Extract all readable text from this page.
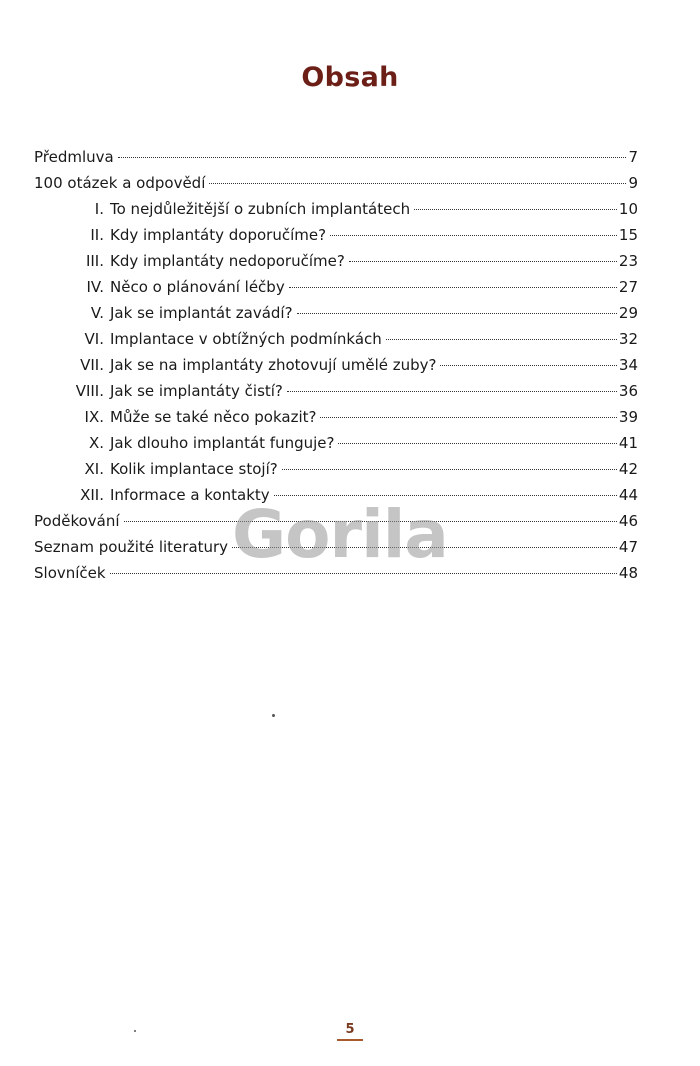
Obsah
Předmluva	7
100 otázek a odpovědí	9
I. To nejdůležitější o zubních implantátech	10
II. Kdy implantáty doporučíme?	15
III. Kdy implantáty nedoporučíme?	23
IV. Něco o plánování léčby	27
V. Jak se implantát zavádí?	29
VI. Implantace v obtížných podmínkách	32
VII. Jak se na implantáty zhotovují umělé zuby?	34
VIII. Jak se implantáty čistí?	36
IX. Může se také něco pokazit?	39
X. Jak dlouho implantát funguje?	41
XI. Kolik implantace stojí?	42
XII. Informace a kontakty	44
Poděkování	46
Seznam použité literatury	47
Slovníček	48
Gorila
5
